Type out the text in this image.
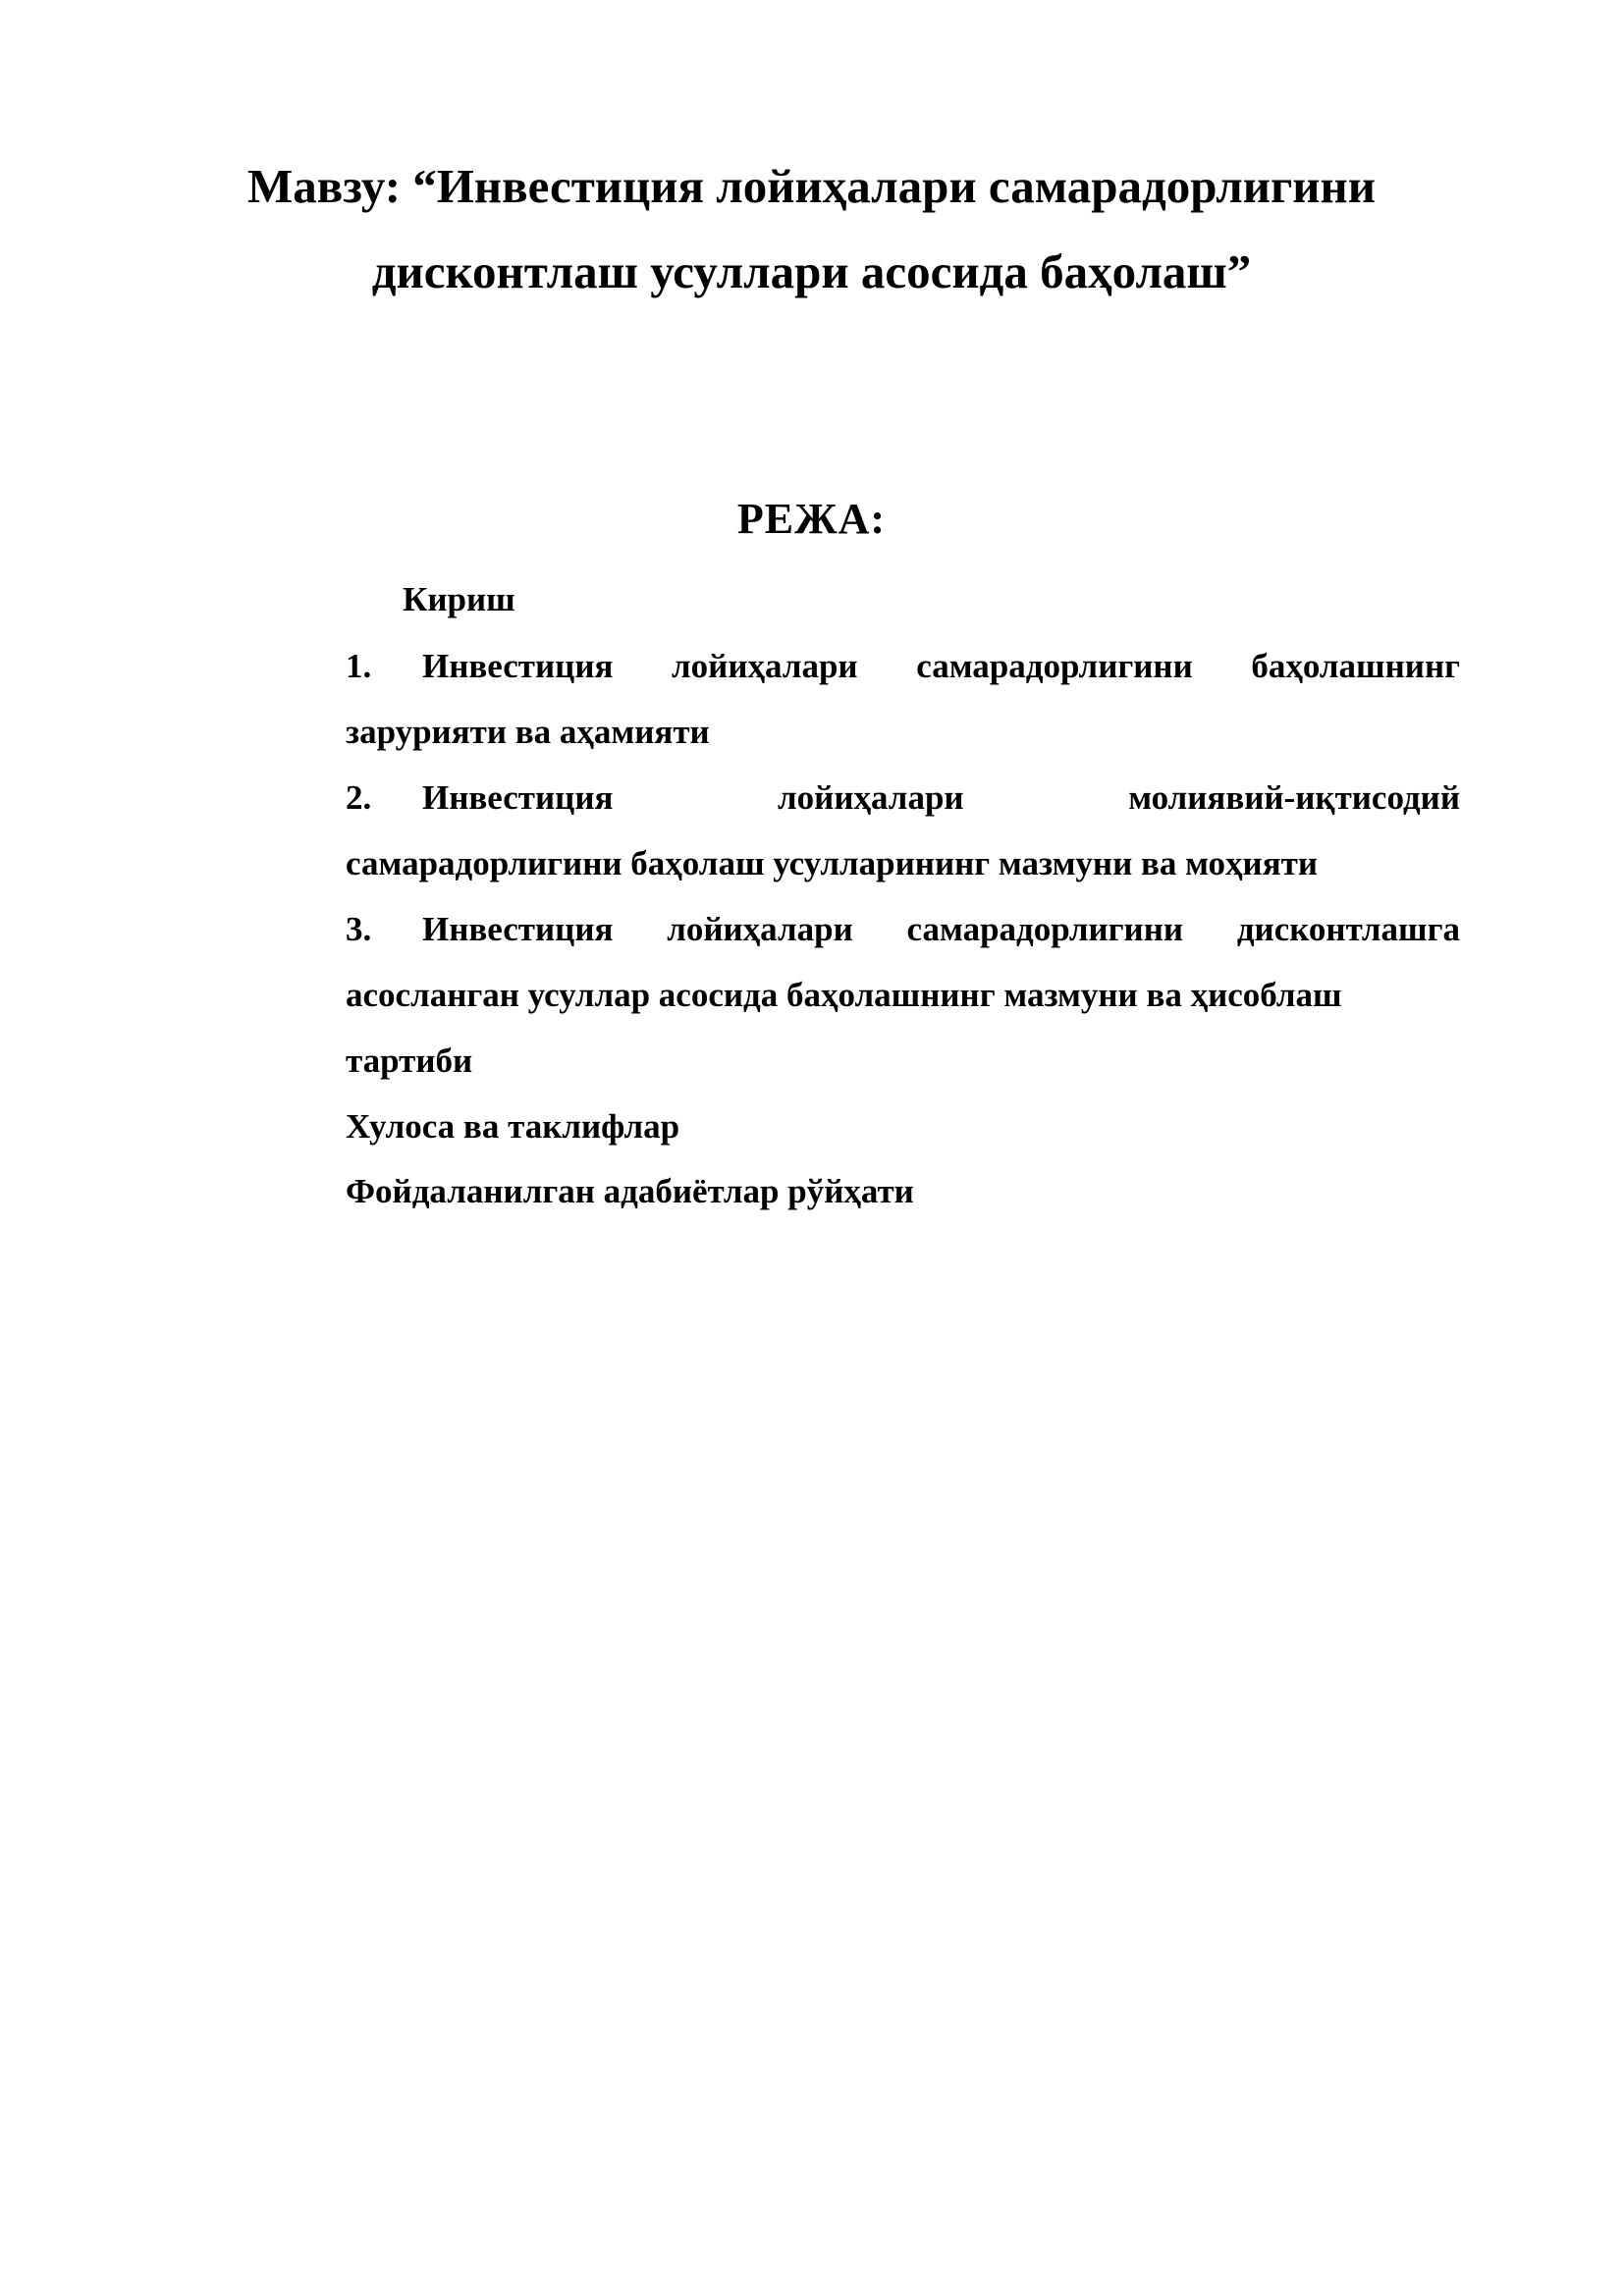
Мавзу: “Инвестиция лойиҳалари самарадорлигини
дисконтлаш усуллари асосида баҳолаш”
РЕЖА:

Кириш

1. Инвестиция лойиҳалари самарадорлигини баҳолашнинг

зарурияти ва аҳамияти

2. Инвестиция лойиҳалари молиявий-иқтисодий

самарадорлигини баҳолаш усулларининг мазмуни ва моҳияти

3. Инвестиция лойиҳалари самарадорлигини дисконтлашга

асосланган усуллар асосида баҳолашнинг мазмуни ва ҳисоблаш

тартиби

Хулоса ва таклифлар

Фойдаланилган адабиётлар рўйҳати
